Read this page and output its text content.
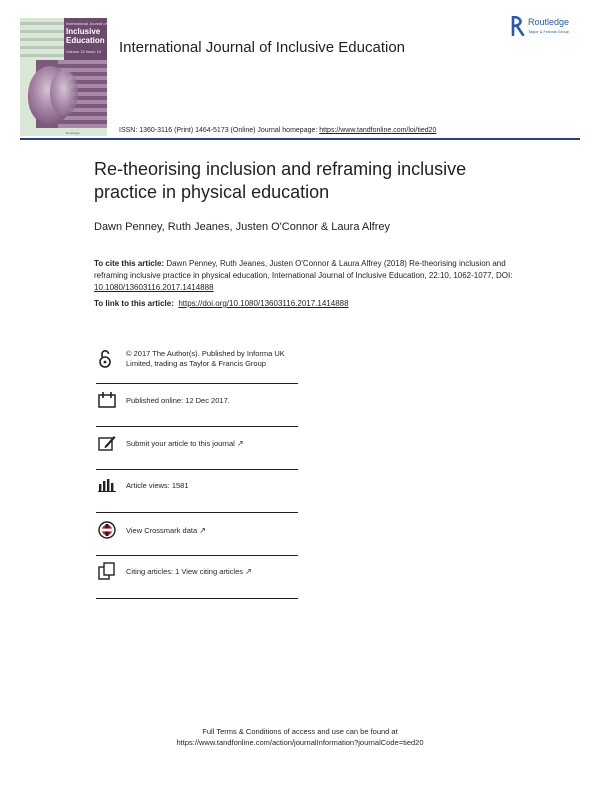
International Journal of
Inclusive
Education
Volume 22 Issue 10
Routledge
International Journal of Inclusive Education
Routledge
Taylor & Francis Group
ISSN: 1360-3116 (Print) 1464-5173 (Online) Journal homepage: https://www.tandfonline.com/loi/tied20
Re-theorising inclusion and reframing inclusive practice in physical education
Dawn Penney, Ruth Jeanes, Justen O'Connor & Laura Alfrey
To cite this article: Dawn Penney, Ruth Jeanes, Justen O'Connor & Laura Alfrey (2018) Re-theorising inclusion and reframing inclusive practice in physical education, International Journal of Inclusive Education, 22:10, 1062-1077, DOI: 10.1080/13603116.2017.1414888
To link to this article: https://doi.org/10.1080/13603116.2017.1414888
© 2017 The Author(s). Published by Informa UK Limited, trading as Taylor & Francis Group
Published online: 12 Dec 2017.
Submit your article to this journal ↗
Article views: 1581
View Crossmark data ↗
Citing articles: 1 View citing articles ↗
Full Terms & Conditions of access and use can be found at
https://www.tandfonline.com/action/journalInformation?journalCode=tied20
